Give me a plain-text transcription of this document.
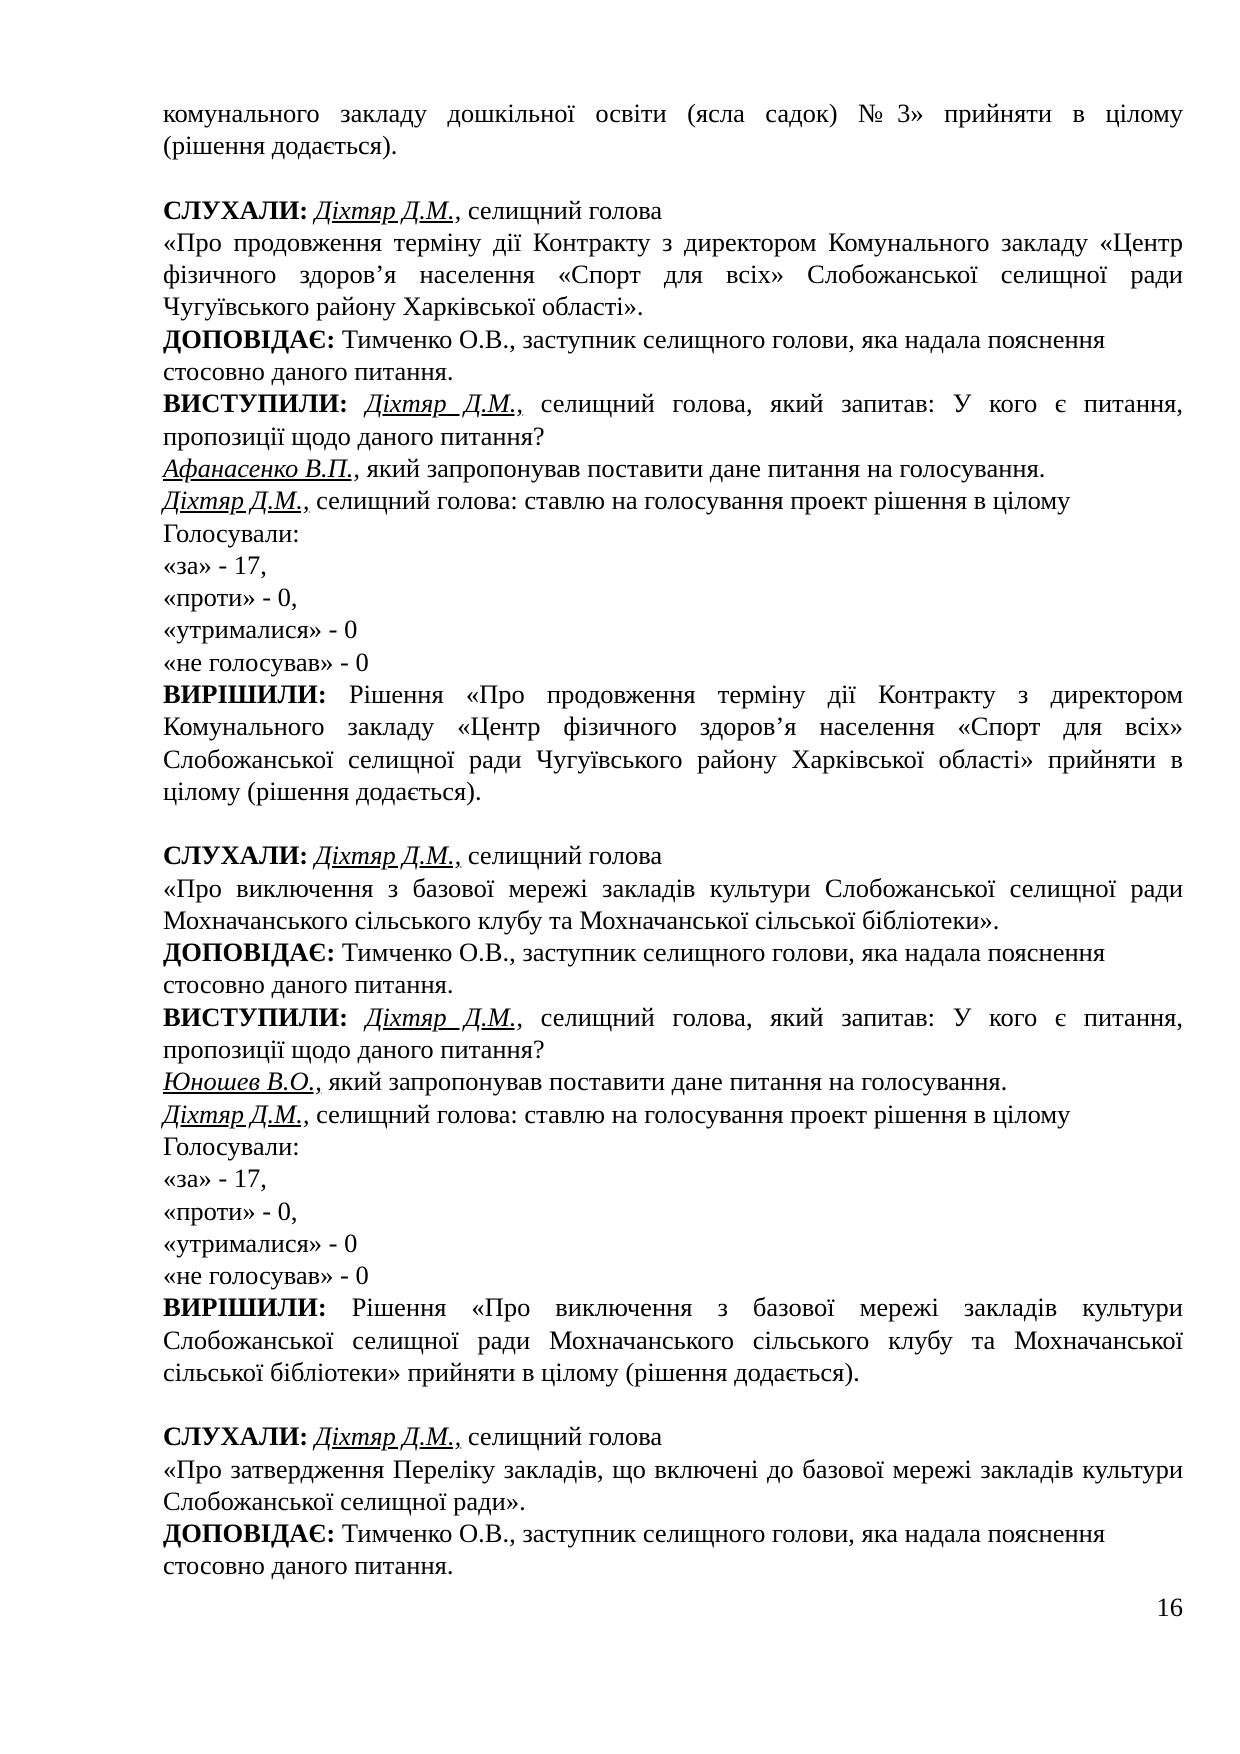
комунального закладу дошкільної освіти (ясла садок) №3» прийняти в цілому

(рішення додається).

СЛУХАЛИ: Діхтяр Д.М., селищний голова

«Про продовження терміну дії Контракту з директором Комунального закладу «Центр фізичного здоров’я населення «Спорт для всіх» Слобожанської селищної ради Чугуївського району Харківської області».

ДОПОВІДАЄ: Тимченко О.В., заступник селищного голови, яка надала пояснення

стосовно даного питання.

ВИСТУПИЛИ: Діхтяр Д.М., селищний голова, який запитав: У кого є питання,

пропозиції щодо даного питання?

Афанасенко В.П., який запропонував поставити дане питання на голосування.

Діхтяр Д.М., селищний голова: ставлю на голосування проект рішення в цілому

Голосували:

«за» - 17,

«проти» - 0,

«утрималися» - 0

«не голосував» - 0

ВИРІШИЛИ: Рішення «Про продовження терміну дії Контракту з директором Комунального закладу «Центр фізичного здоров’я населення «Спорт для всіх» Слобожанської селищної ради Чугуївського району Харківської області» прийняти в цілому (рішення додається).

СЛУХАЛИ: Діхтяр Д.М., селищний голова

«Про виключення з базової мережі закладів культури Слобожанської селищної ради Мохначанського сільського клубу та Мохначанської сільської бібліотеки».

ДОПОВІДАЄ: Тимченко О.В., заступник селищного голови, яка надала пояснення

стосовно даного питання.

ВИСТУПИЛИ: Діхтяр Д.М., селищний голова, який запитав: У кого є питання,

пропозиції щодо даного питання?

Юношев В.О., який запропонував поставити дане питання на голосування.

Діхтяр Д.М., селищний голова: ставлю на голосування проект рішення в цілому

Голосували:

«за» - 17,

«проти» - 0,

«утрималися» - 0

«не голосував» - 0

ВИРІШИЛИ: Рішення «Про виключення з базової мережі закладів культури Слобожанської селищної ради Мохначанського сільського клубу та Мохначанської сільської бібліотеки» прийняти в цілому (рішення додається).

СЛУХАЛИ: Діхтяр Д.М., селищний голова

«Про затвердження Переліку закладів, що включені до базової мережі закладів культури Слобожанської селищної ради».

ДОПОВІДАЄ: Тимченко О.В., заступник селищного голови, яка надала пояснення

стосовно даного питання.

16
